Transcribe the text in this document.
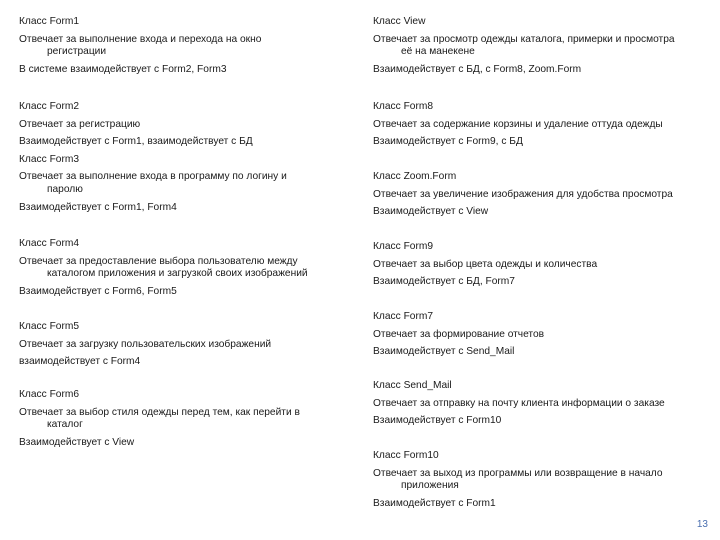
Класс Form1
Отвечает за выполнение входа и перехода на окно
регистрации
В системе взаимодействует с Form2, Form3
Класс Form2
Отвечает за регистрацию
Взаимодействует с Form1, взаимодействует с БД
Класс Form3
Отвечает за выполнение входа в программу по логину и
паролю
Взаимодействует с Form1, Form4
Класс Form4
Отвечает за предоставление выбора пользователю между
каталогом приложения и загрузкой своих изображений
Взаимодействует с Form6, Form5
Класс Form5
Отвечает за загрузку пользовательских изображений
взаимодействует с Form4
Класс Form6
Отвечает за выбор стиля одежды перед тем, как перейти в
каталог
Взаимодействует с View
Класс View
Отвечает за просмотр одежды каталога, примерки и просмотра
её на манекене
Взаимодействует с БД, с Form8, Zoom.Form
Класс Form8
Отвечает за содержание корзины и удаление оттуда одежды
Взаимодействует с Form9, с БД
Класс Zoom.Form
Отвечает за увеличение изображения для удобства просмотра
Взаимодействует с View
Класс Form9
Отвечает за выбор цвета одежды и количества
Взаимодействует с БД, Form7
Класс Form7
Отвечает за формирование отчетов
Взаимодействует с Send_Mail
Класс Send_Mail
Отвечает за отправку на почту клиента информации о заказе
Взаимодействует с Form10
Класс Form10
Отвечает за выход из программы или возвращение в начало
приложения
Взаимодействует с Form1
13
